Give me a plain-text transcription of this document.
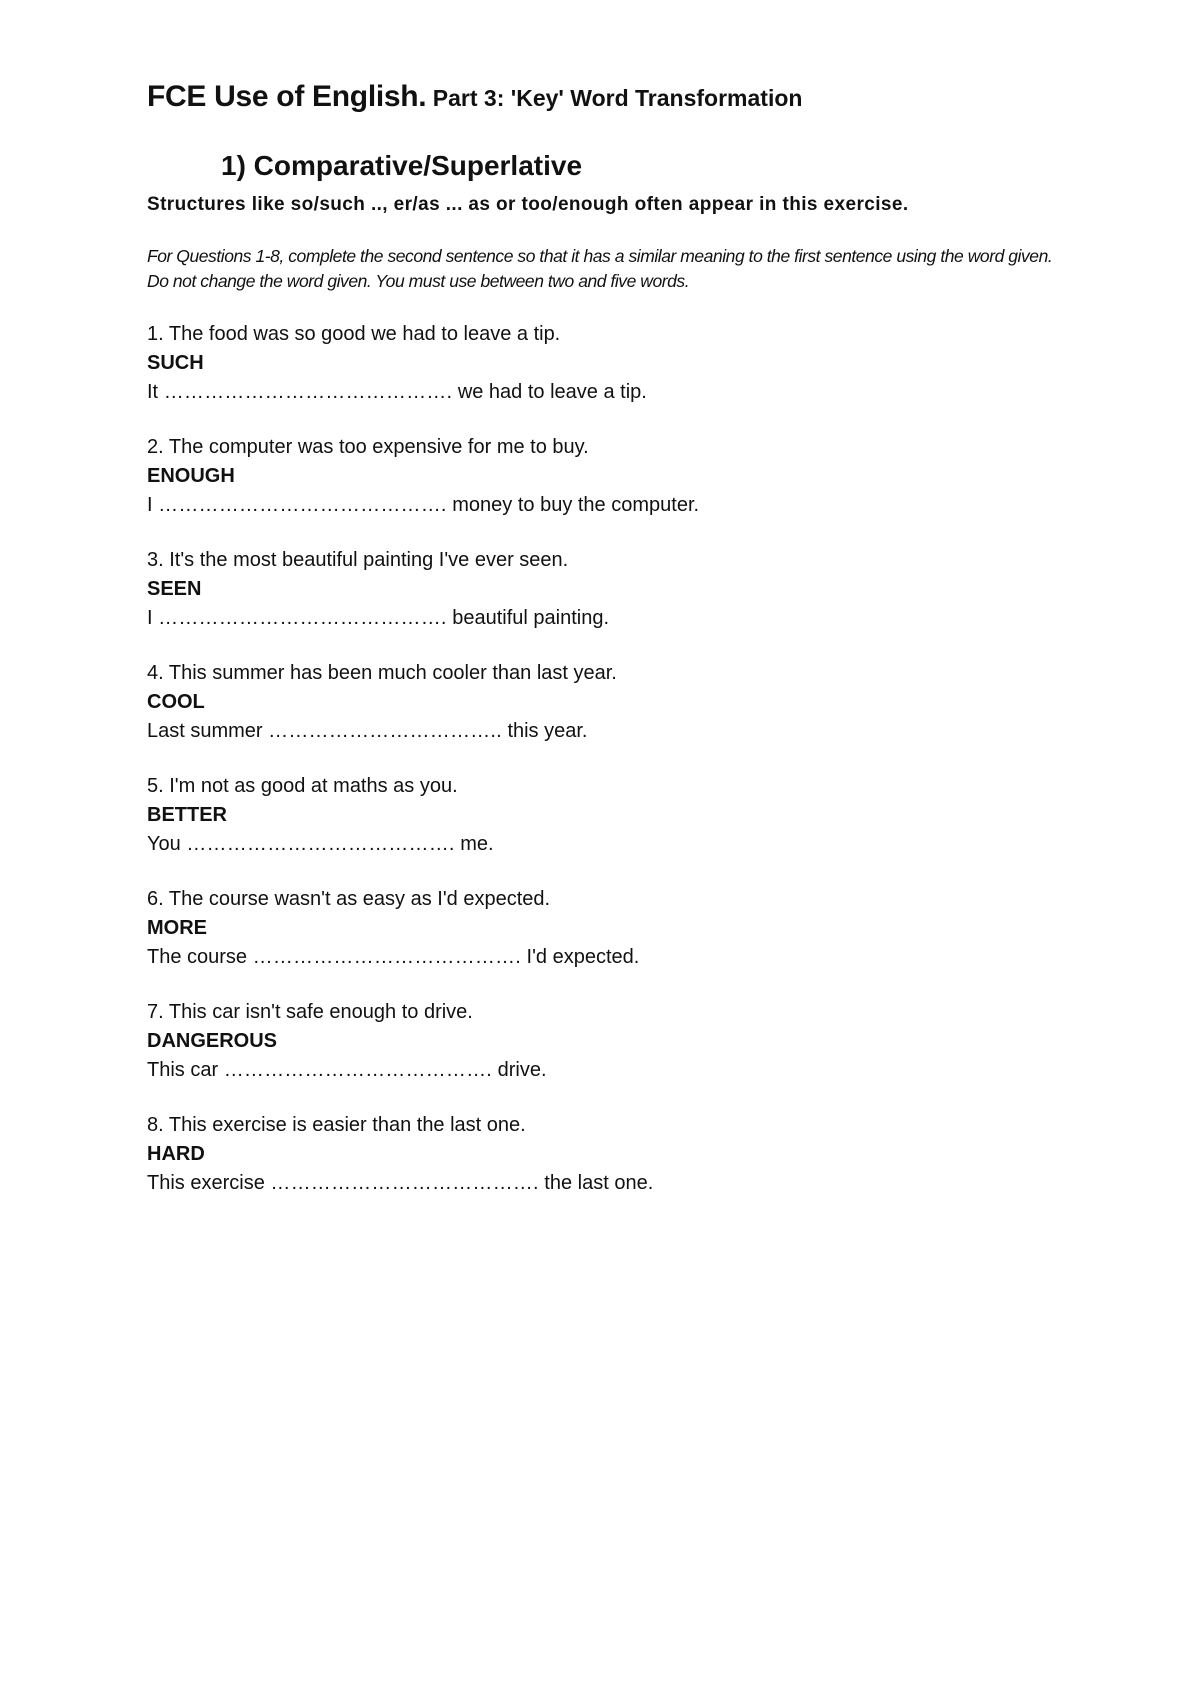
FCE Use of English. Part 3: 'Key' Word Transformation
1) Comparative/Superlative
Structures like so/such .., er/as ... as or too/enough often appear in this exercise.
For Questions 1-8, complete the second sentence so that it has a similar meaning to the first sentence using the word given. Do not change the word given. You must use between two and five words.
1. The food was so good we had to leave a tip.
SUCH
It ……………………………………. we had to leave a tip.
2. The computer was too expensive for me to buy.
ENOUGH
I ……………………………………. money to buy the computer.
3. It's the most beautiful painting I've ever seen.
SEEN
I ……………………………………. beautiful painting.
4. This summer has been much cooler than last year.
COOL
Last summer …………………………….. this year.
5. I'm not as good at maths as you.
BETTER
You …………………………………. me.
6. The course wasn't as easy as I'd expected.
MORE
The course …………………………………. I'd expected.
7. This car isn't safe enough to drive.
DANGEROUS
This car …………………………………. drive.
8. This exercise is easier than the last one.
HARD
This exercise …………………………………. the last one.
